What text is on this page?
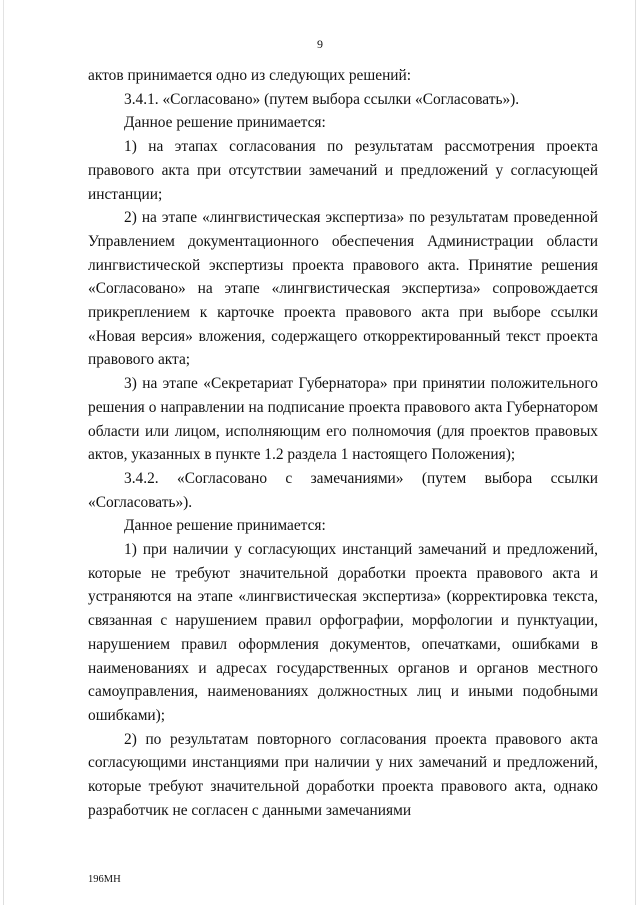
9

актов принимается одно из следующих решений:

3.4.1. «Согласовано» (путем выбора ссылки «Согласовать»).

Данное решение принимается:

1) на этапах согласования по результатам рассмотрения проекта правового акта при отсутствии замечаний и предложений у согласующей инстанции;

2) на этапе «лингвистическая экспертиза» по результатам проведенной Управлением документационного обеспечения Администрации области лингвистической экспертизы проекта правового акта. Принятие решения «Согласовано» на этапе «лингвистическая экспертиза» сопровождается прикреплением к карточке проекта правового акта при выборе ссылки «Новая версия» вложения, содержащего откорректированный текст проекта правового акта;

3) на этапе «Секретариат Губернатора» при принятии положительного решения о направлении на подписание проекта правового акта Губернатором области или лицом, исполняющим его полномочия (для проектов правовых актов, указанных в пункте 1.2 раздела 1 настоящего Положения);

3.4.2. «Согласовано с замечаниями» (путем выбора ссылки «Согласовать»).

Данное решение принимается:

1) при наличии у согласующих инстанций замечаний и предложений, которые не требуют значительной доработки проекта правового акта и устраняются на этапе «лингвистическая экспертиза» (корректировка текста, связанная с нарушением правил орфографии, морфологии и пунктуации, нарушением правил оформления документов, опечатками, ошибками в наименованиях и адресах государственных органов и органов местного самоуправления, наименованиях должностных лиц и иными подобными ошибками);

2) по результатам повторного согласования проекта правового акта согласующими инстанциями при наличии у них замечаний и предложений, которые требуют значительной доработки проекта правового акта, однако разработчик не согласен с данными замечаниями

196МН
